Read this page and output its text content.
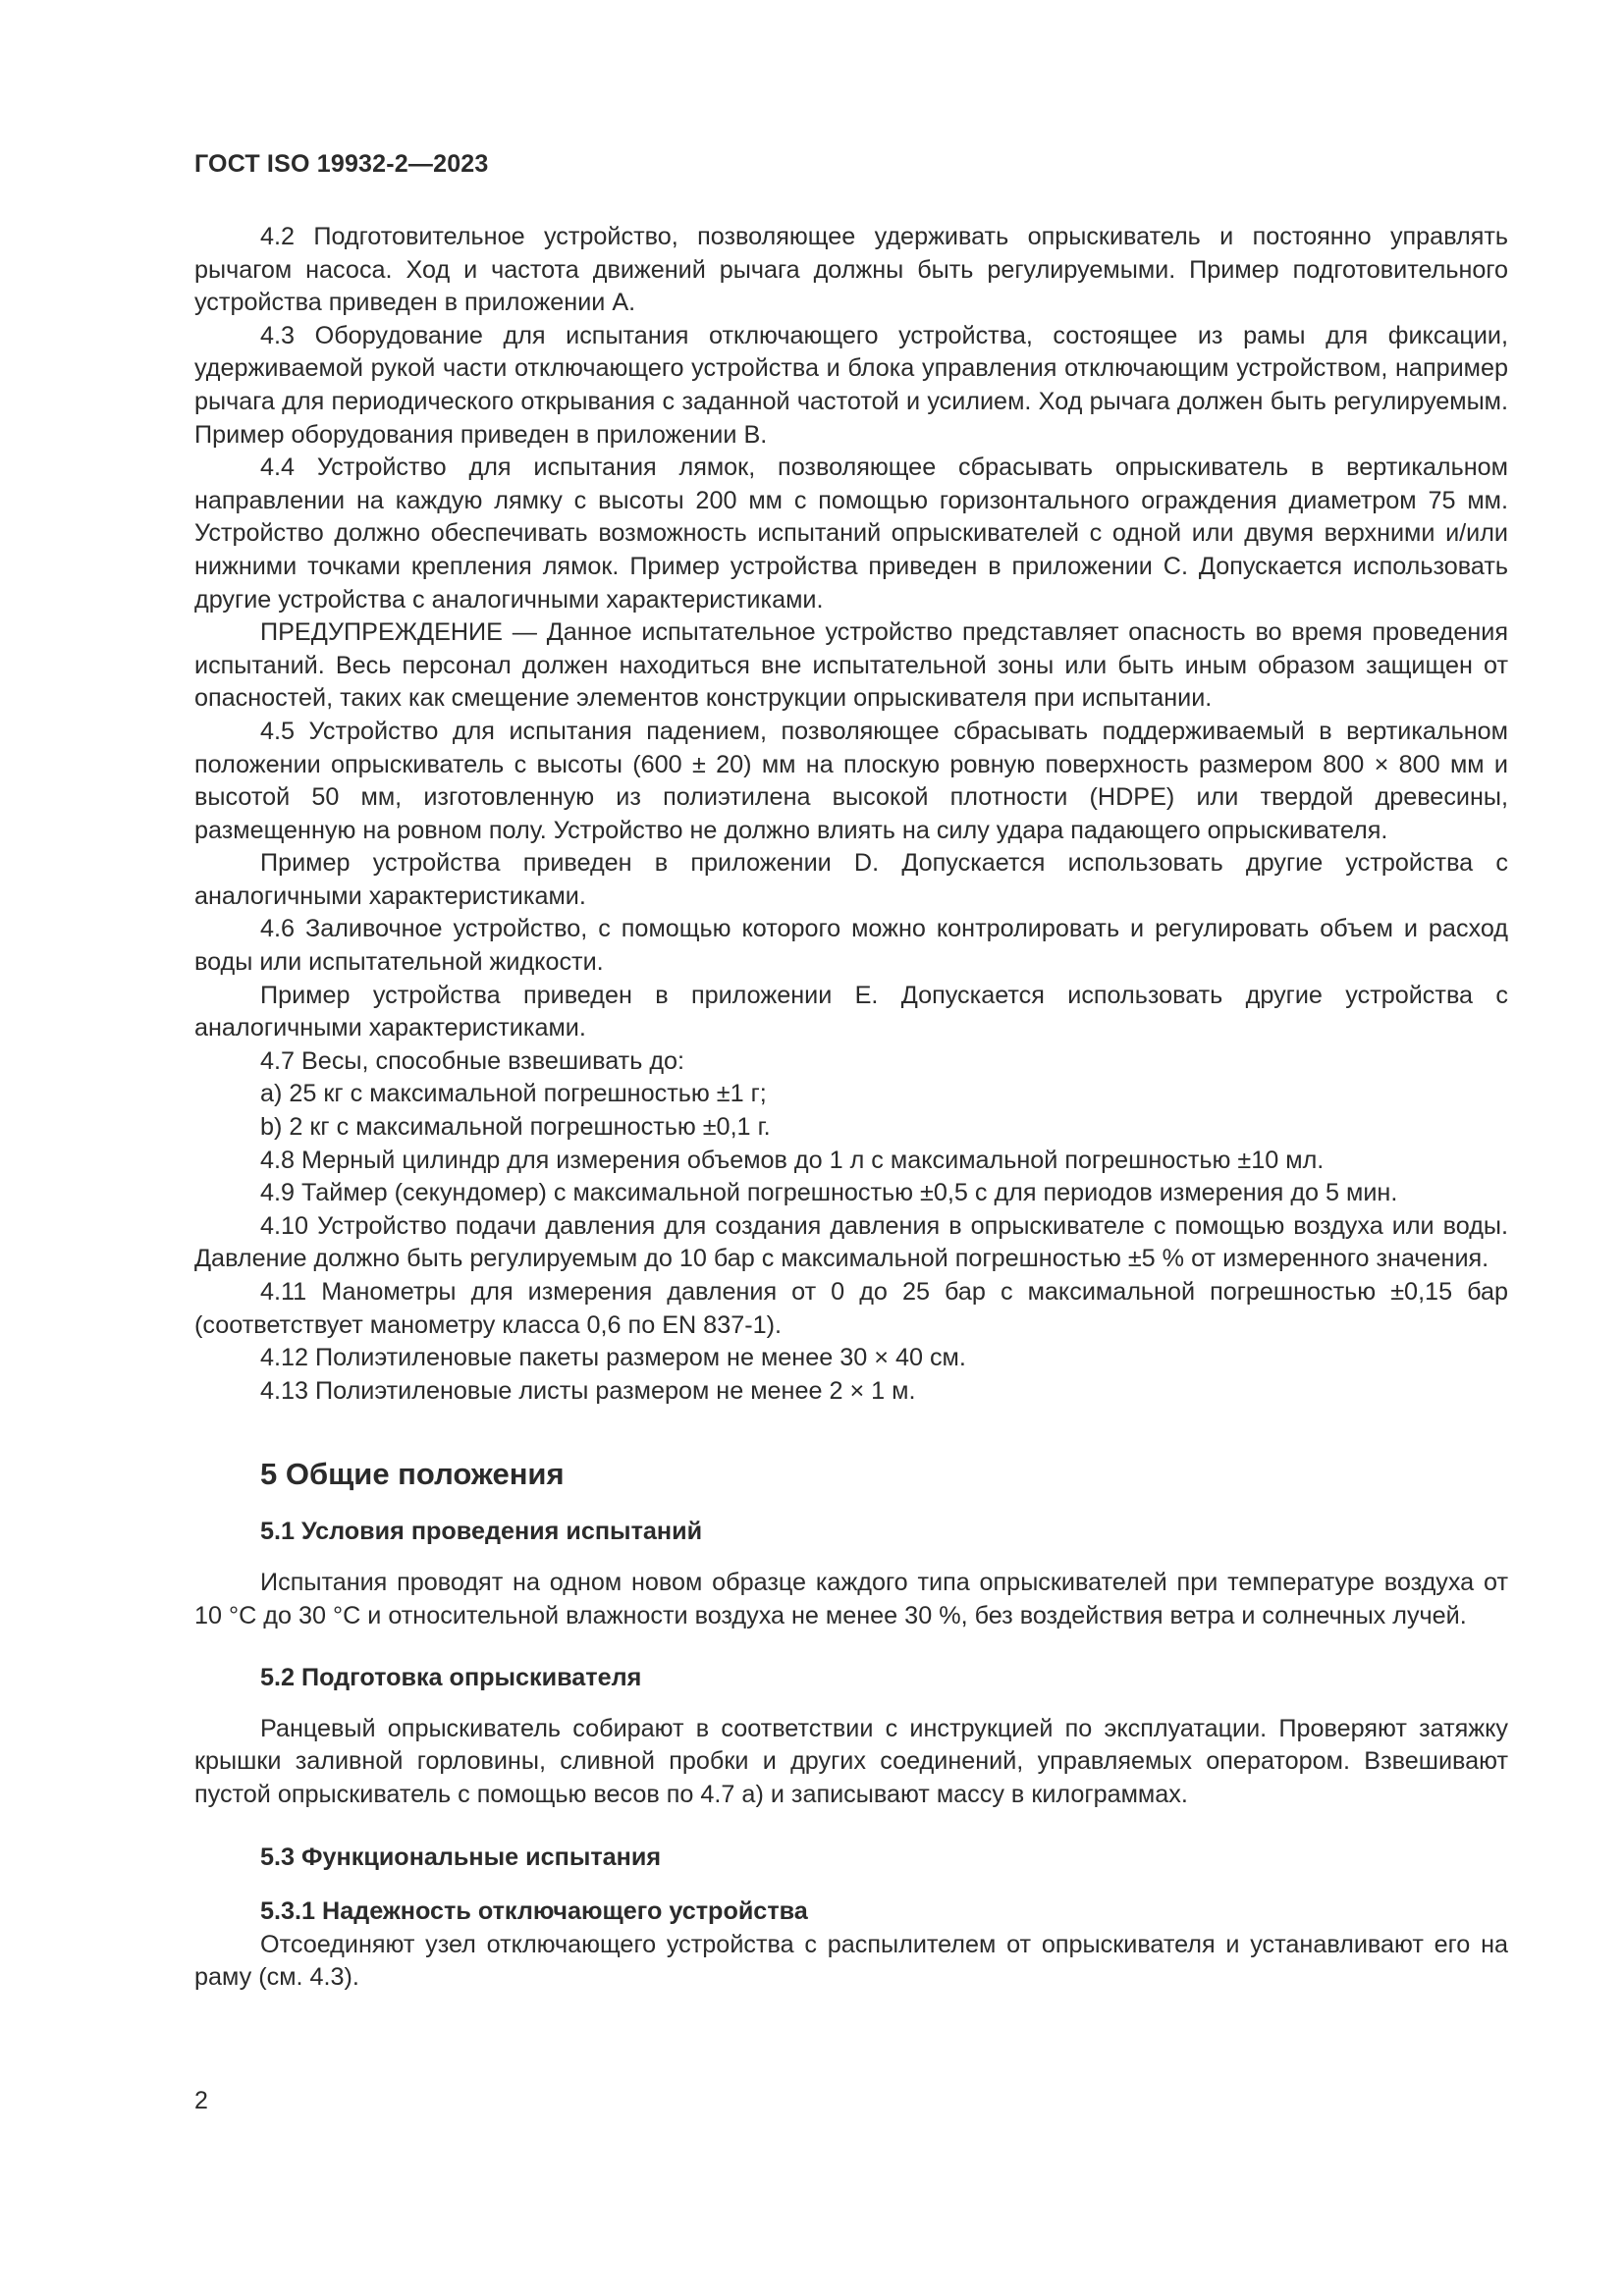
ГОСТ ISO 19932-2—2023

4.2 Подготовительное устройство, позволяющее удерживать опрыскиватель и постоянно управлять рычагом насоса. Ход и частота движений рычага должны быть регулируемыми. Пример подготовительного устройства приведен в приложении A.

4.3 Оборудование для испытания отключающего устройства, состоящее из рамы для фиксации, удерживаемой рукой части отключающего устройства и блока управления отключающим устройством, например рычага для периодического открывания с заданной частотой и усилием. Ход рычага должен быть регулируемым. Пример оборудования приведен в приложении B.

4.4 Устройство для испытания лямок, позволяющее сбрасывать опрыскиватель в вертикальном направлении на каждую лямку с высоты 200 мм с помощью горизонтального ограждения диаметром 75 мм. Устройство должно обеспечивать возможность испытаний опрыскивателей с одной или двумя верхними и/или нижними точками крепления лямок. Пример устройства приведен в приложении C. Допускается использовать другие устройства с аналогичными характеристиками.

ПРЕДУПРЕЖДЕНИЕ — Данное испытательное устройство представляет опасность во время проведения испытаний. Весь персонал должен находиться вне испытательной зоны или быть иным образом защищен от опасностей, таких как смещение элементов конструкции опрыскивателя при испытании.

4.5 Устройство для испытания падением, позволяющее сбрасывать поддерживаемый в вертикальном положении опрыскиватель с высоты (600 ± 20) мм на плоскую ровную поверхность размером 800 × 800 мм и высотой 50 мм, изготовленную из полиэтилена высокой плотности (HDPE) или твердой древесины, размещенную на ровном полу. Устройство не должно влиять на силу удара падающего опрыскивателя.

Пример устройства приведен в приложении D. Допускается использовать другие устройства с аналогичными характеристиками.

4.6 Заливочное устройство, с помощью которого можно контролировать и регулировать объем и расход воды или испытательной жидкости.

Пример устройства приведен в приложении E. Допускается использовать другие устройства с аналогичными характеристиками.

4.7 Весы, способные взвешивать до:

a) 25 кг с максимальной погрешностью ±1 г;

b) 2 кг с максимальной погрешностью ±0,1 г.

4.8 Мерный цилиндр для измерения объемов до 1 л с максимальной погрешностью ±10 мл.

4.9 Таймер (секундомер) с максимальной погрешностью ±0,5 с для периодов измерения до 5 мин.

4.10 Устройство подачи давления для создания давления в опрыскивателе с помощью воздуха или воды. Давление должно быть регулируемым до 10 бар с максимальной погрешностью ±5 % от измеренного значения.

4.11 Манометры для измерения давления от 0 до 25 бар с максимальной погрешностью ±0,15 бар (соответствует манометру класса 0,6 по EN 837-1).

4.12 Полиэтиленовые пакеты размером не менее 30 × 40 см.

4.13 Полиэтиленовые листы размером не менее 2 × 1 м.

5 Общие положения
5.1 Условия проведения испытаний

Испытания проводят на одном новом образце каждого типа опрыскивателей при температуре воздуха от 10 °C до 30 °C и относительной влажности воздуха не менее 30 %, без воздействия ветра и солнечных лучей.

5.2 Подготовка опрыскивателя

Ранцевый опрыскиватель собирают в соответствии с инструкцией по эксплуатации. Проверяют затяжку крышки заливной горловины, сливной пробки и других соединений, управляемых оператором. Взвешивают пустой опрыскиватель с помощью весов по 4.7 a) и записывают массу в килограммах.

5.3 Функциональные испытания
5.3.1 Надежность отключающего устройства

Отсоединяют узел отключающего устройства с распылителем от опрыскивателя и устанавливают его на раму (см. 4.3).

2
